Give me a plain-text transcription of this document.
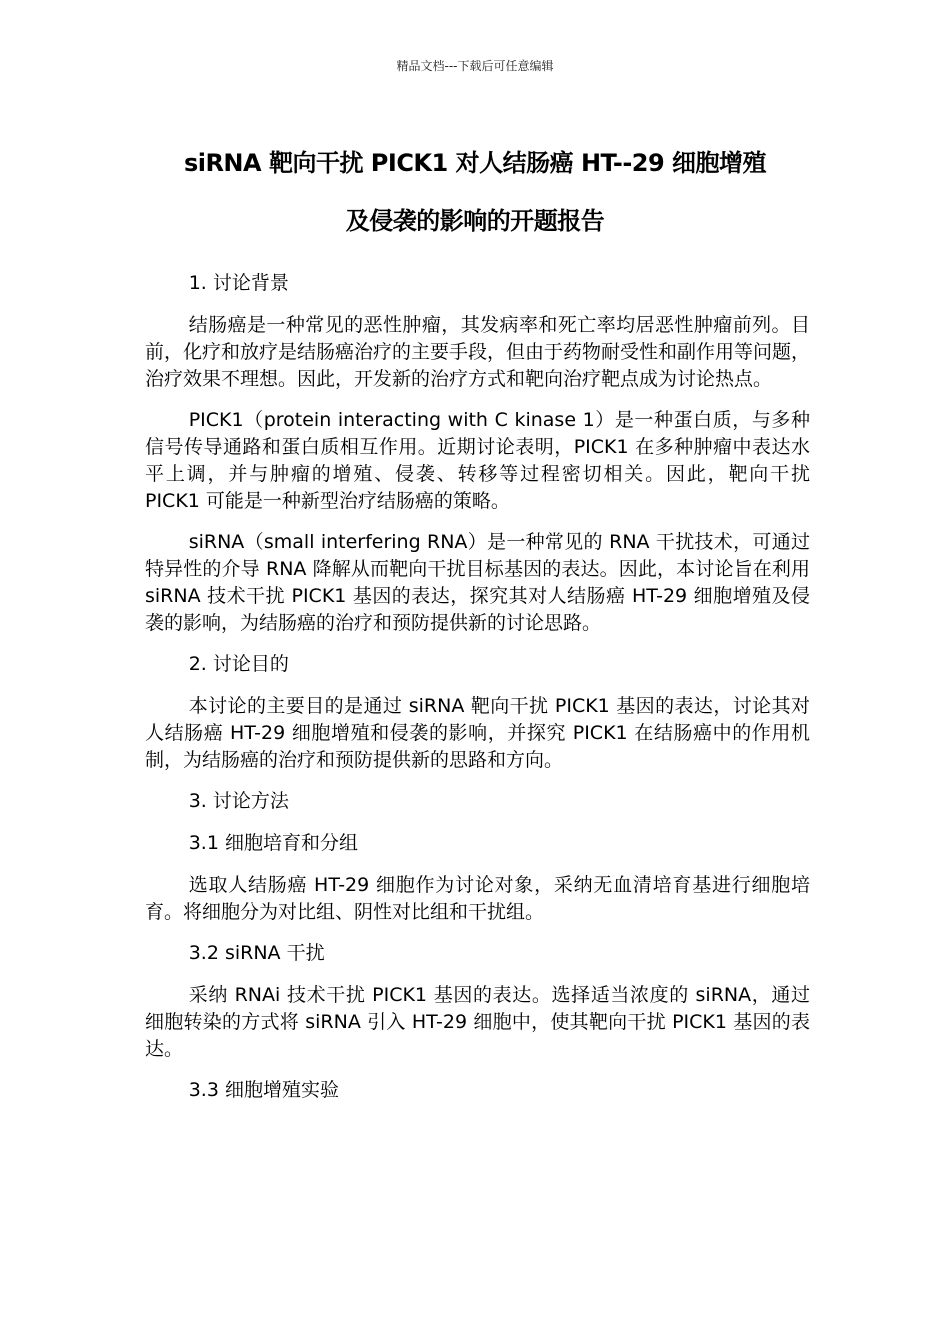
精品文档---下载后可任意编辑
siRNA 靶向干扰 PICK1 对人结肠癌 HT--29 细胞增殖
及侵袭的影响的开题报告

1. 讨论背景

结肠癌是一种常见的恶性肿瘤，其发病率和死亡率均居恶性肿瘤前列。目前，化疗和放疗是结肠癌治疗的主要手段，但由于药物耐受性和副作用等问题，治疗效果不理想。因此，开发新的治疗方式和靶向治疗靶点成为讨论热点。

PICK1（protein interacting with C kinase 1）是一种蛋白质，与多种信号传导通路和蛋白质相互作用。近期讨论表明，PICK1 在多种肿瘤中表达水平上调，并与肿瘤的增殖、侵袭、转移等过程密切相关。因此，靶向干扰 PICK1 可能是一种新型治疗结肠癌的策略。

siRNA（small interfering RNA）是一种常见的 RNA 干扰技术，可通过特异性的介导 RNA 降解从而靶向干扰目标基因的表达。因此，本讨论旨在利用 siRNA 技术干扰 PICK1 基因的表达，探究其对人结肠癌 HT-29 细胞增殖及侵袭的影响，为结肠癌的治疗和预防提供新的讨论思路。

2. 讨论目的

本讨论的主要目的是通过 siRNA 靶向干扰 PICK1 基因的表达，讨论其对人结肠癌 HT-29 细胞增殖和侵袭的影响，并探究 PICK1 在结肠癌中的作用机制，为结肠癌的治疗和预防提供新的思路和方向。

3. 讨论方法

3.1 细胞培育和分组

选取人结肠癌 HT-29 细胞作为讨论对象，采纳无血清培育基进行细胞培育。将细胞分为对比组、阴性对比组和干扰组。

3.2 siRNA 干扰

采纳 RNAi 技术干扰 PICK1 基因的表达。选择适当浓度的 siRNA，通过细胞转染的方式将 siRNA 引入 HT-29 细胞中，使其靶向干扰 PICK1 基因的表达。

3.3 细胞增殖实验
